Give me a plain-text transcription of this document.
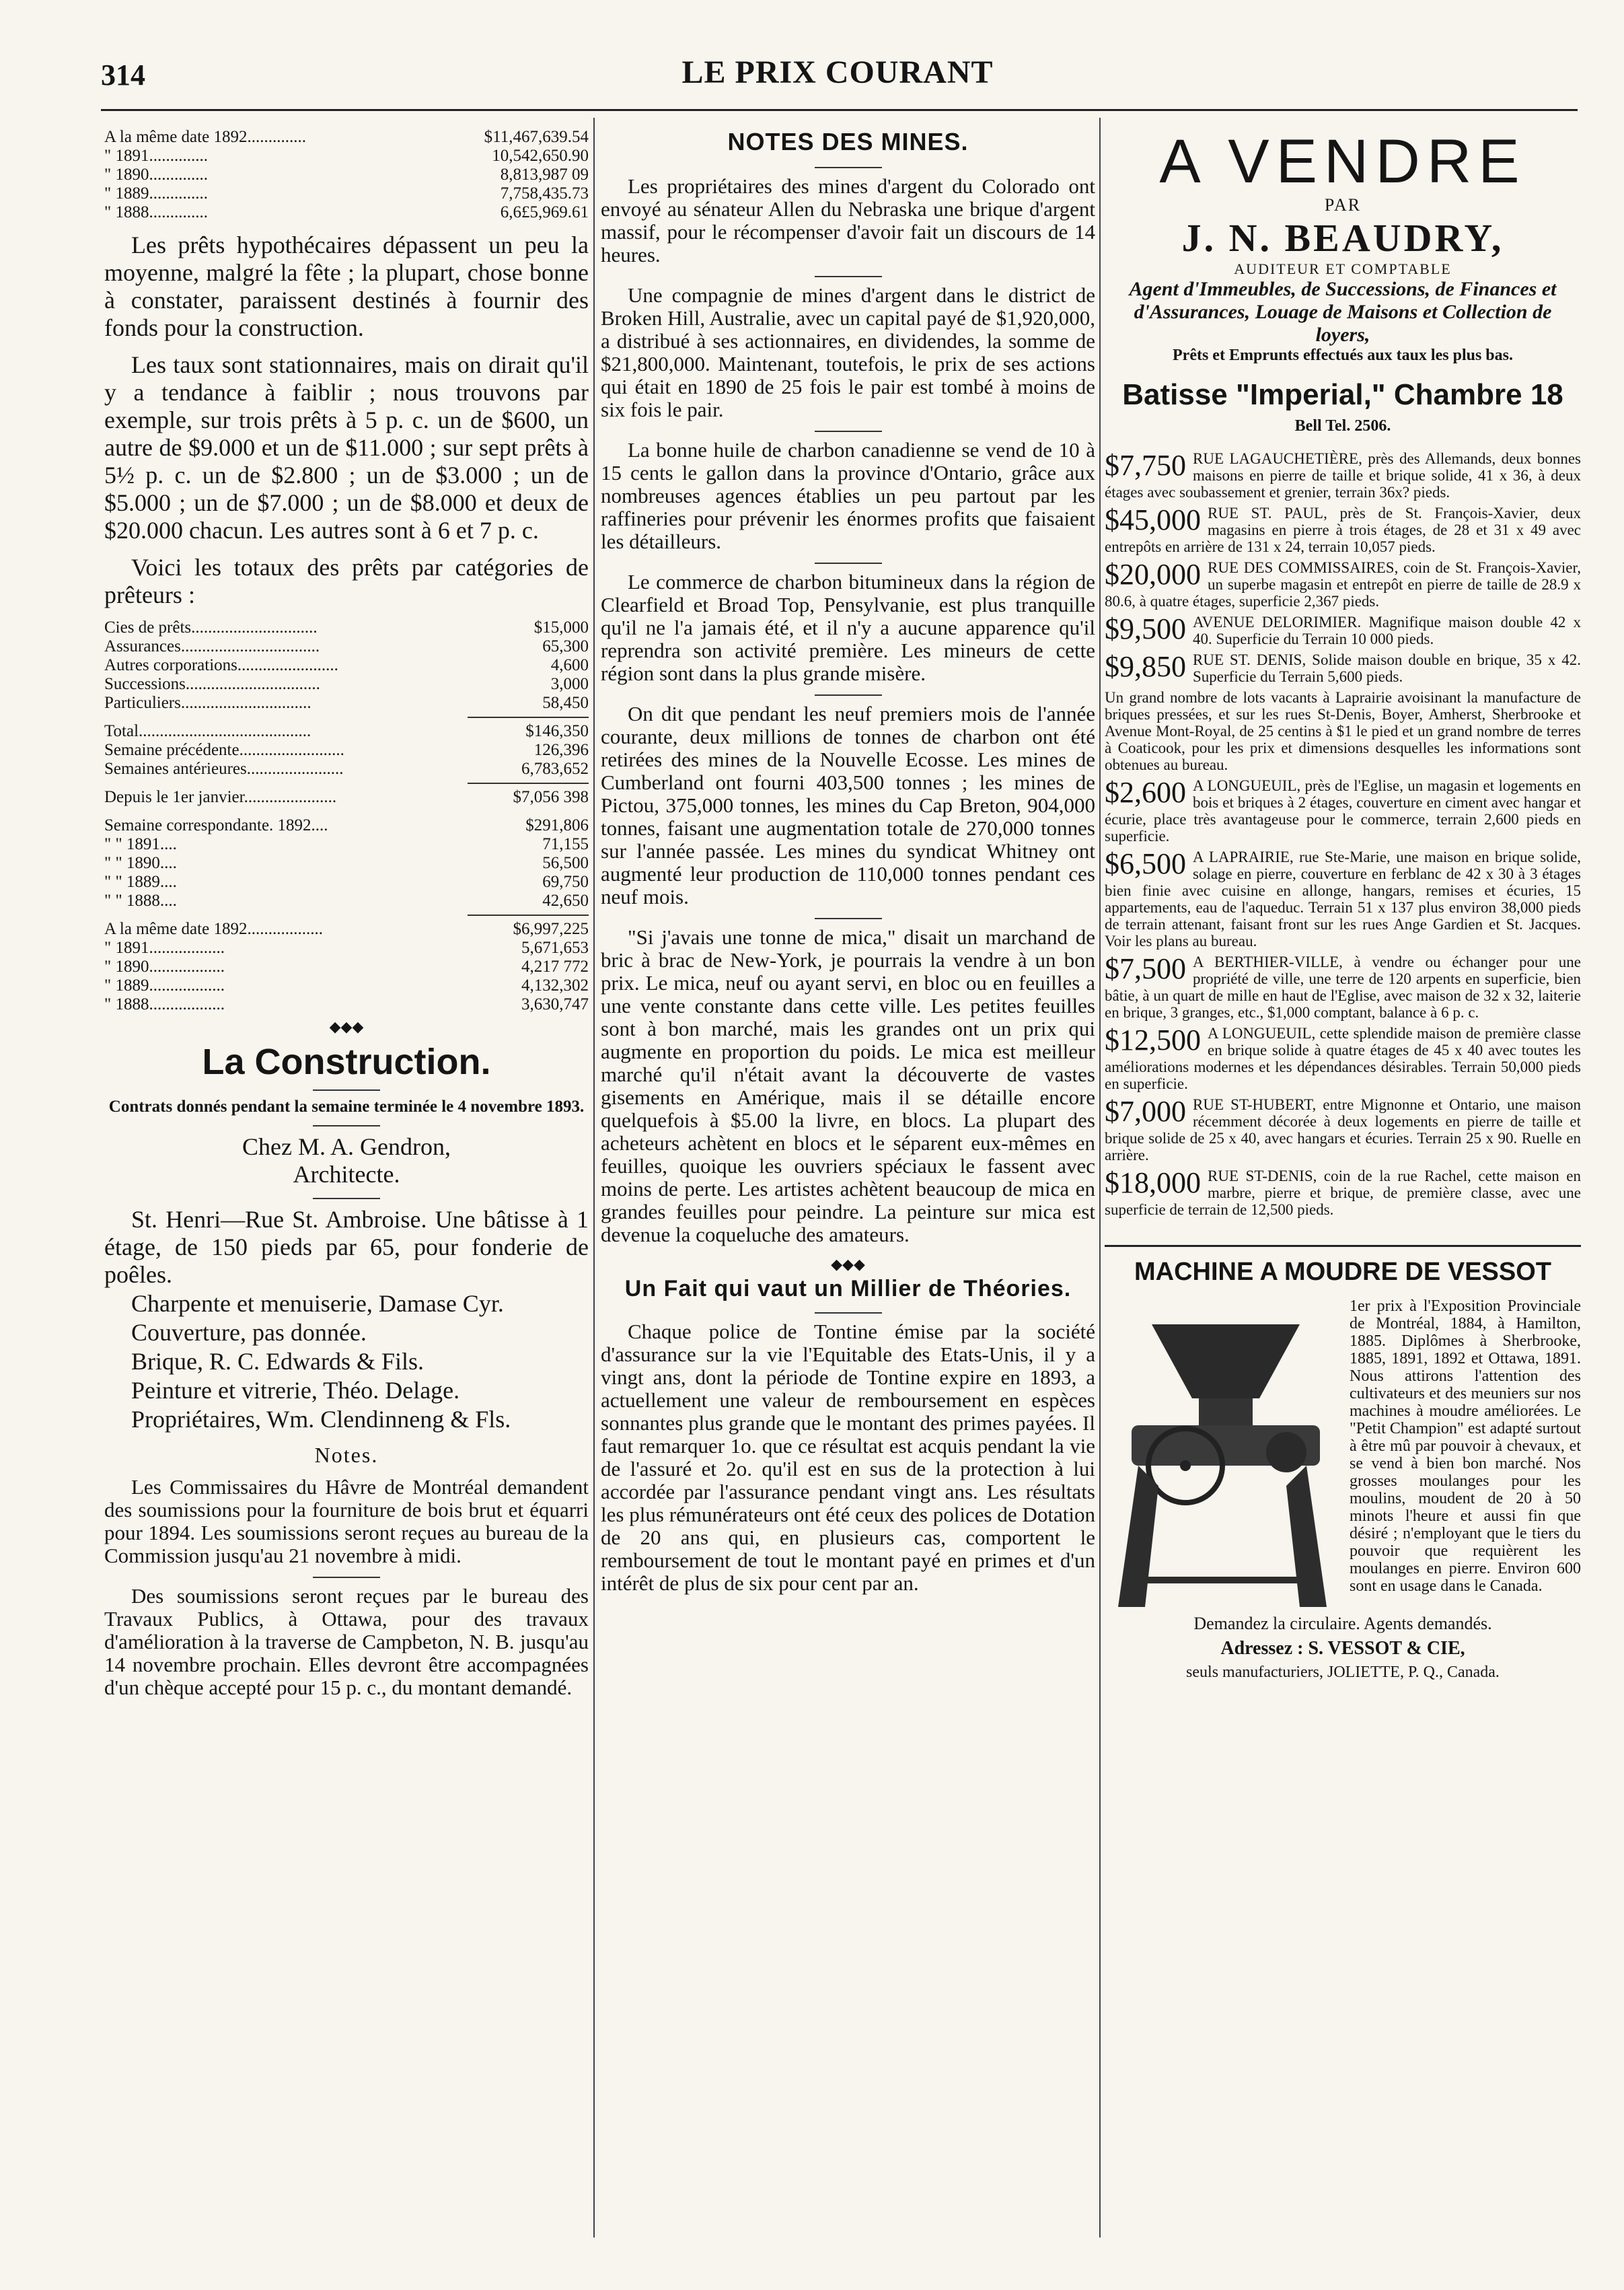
314	LE PRIX COURANT
A la même date 1892..............	$11,467,639.54
" 1891..............	10,542,650.90
" 1890..............	8,813,987 09
" 1889..............	7,758,435.73
" 1888..............	6,6£5,969.61

Les prêts hypothécaires dépassent un peu la moyenne, malgré la fête ; la plupart, chose bonne à constater, paraissent destinés à fournir des fonds pour la construction.

Les taux sont stationnaires, mais on dirait qu'il y a tendance à faiblir ; nous trouvons par exemple, sur trois prêts à 5 p. c. un de $600, un autre de $9.000 et un de $11.000 ; sur sept prêts à 5½ p. c. un de $2.800 ; un de $3.000 ; un de $5.000 ; un de $7.000 ; un de $8.000 et deux de $20.000 chacun. Les autres sont à 6 et 7 p. c.

Voici les totaux des prêts par catégories de prêteurs :

Cies de prêts..............................	$15,000
Assurances.................................	65,300
Autres corporations........................	4,600
Successions................................	3,000
Particuliers...............................	58,450
Total.........................................	$146,350
Semaine précédente.........................	126,396
Semaines antérieures.......................	6,783,652
Depuis le 1er janvier......................	$7,056 398
Semaine correspondante. 1892....	$291,806
" " 1891....	71,155
" " 1890....	56,500
" " 1889....	69,750
" " 1888....	42,650
A la même date 1892..................	$6,997,225
" 1891..................	5,671,653
" 1890..................	4,217 772
" 1889..................	4,132,302
" 1888..................	3,630,747
◆◆◆
La Construction.

Contrats donnés pendant la semaine terminée le 4 novembre 1893.

Chez M. A. Gendron,

Architecte.

St. Henri—Rue St. Ambroise. Une bâtisse à 1 étage, de 150 pieds par 65, pour fonderie de poêles.

Charpente et menuiserie, Damase Cyr.

Couverture, pas donnée.

Brique, R. C. Edwards & Fils.

Peinture et vitrerie, Théo. Delage.

Propriétaires, Wm. Clendinneng & Fls.

Notes.

Les Commissaires du Hâvre de Montréal demandent des soumissions pour la fourniture de bois brut et équarri pour 1894. Les soumissions seront reçues au bureau de la Commission jusqu'au 21 novembre à midi.

Des soumissions seront reçues par le bureau des Travaux Publics, à Ottawa, pour des travaux d'amélioration à la traverse de Campbeton, N. B. jusqu'au 14 novembre prochain. Elles devront être accompagnées d'un chèque accepté pour 15 p. c., du montant demandé.

NOTES DES MINES.

Les propriétaires des mines d'argent du Colorado ont envoyé au sénateur Allen du Nebraska une brique d'argent massif, pour le récompenser d'avoir fait un discours de 14 heures.

Une compagnie de mines d'argent dans le district de Broken Hill, Australie, avec un capital payé de $1,920,000, a distribué à ses actionnaires, en dividendes, la somme de $21,800,000. Maintenant, toutefois, le prix de ses actions qui était en 1890 de 25 fois le pair est tombé à moins de six fois le pair.

La bonne huile de charbon canadienne se vend de 10 à 15 cents le gallon dans la province d'Ontario, grâce aux nombreuses agences établies un peu partout par les raffineries pour prévenir les énormes profits que faisaient les détailleurs.

Le commerce de charbon bitumineux dans la région de Clearfield et Broad Top, Pensylvanie, est plus tranquille qu'il ne l'a jamais été, et il n'y a aucune apparence qu'il reprendra son activité première. Les mineurs de cette région sont dans la plus grande misère.

On dit que pendant les neuf premiers mois de l'année courante, deux millions de tonnes de charbon ont été retirées des mines de la Nouvelle Ecosse. Les mines de Cumberland ont fourni 403,500 tonnes ; les mines de Pictou, 375,000 tonnes, les mines du Cap Breton, 904,000 tonnes, faisant une augmentation totale de 270,000 tonnes sur l'année passée. Les mines du syndicat Whitney ont augmenté leur production de 110,000 tonnes pendant ces neuf mois.

"Si j'avais une tonne de mica," disait un marchand de bric à brac de New-York, je pourrais la vendre à un bon prix. Le mica, neuf ou ayant servi, en bloc ou en feuilles a une vente constante dans cette ville. Les petites feuilles sont à bon marché, mais les grandes ont un prix qui augmente en proportion du poids. Le mica est meilleur marché qu'il n'était avant la découverte de vastes gisements en Amérique, mais il se détaille encore quelquefois à $5.00 la livre, en blocs. La plupart des acheteurs achètent en blocs et le séparent eux-mêmes en feuilles, quoique les ouvriers spéciaux le fassent avec moins de perte. Les artistes achètent beaucoup de mica en grandes feuilles pour peindre. La peinture sur mica est devenue la coqueluche des amateurs.

◆◆◆
Un Fait qui vaut un Millier de Théories.

Chaque police de Tontine émise par la société d'assurance sur la vie l'Equitable des Etats-Unis, il y a vingt ans, dont la période de Tontine expire en 1893, a actuellement une valeur de remboursement en espèces sonnantes plus grande que le montant des primes payées. Il faut remarquer 1o. que ce résultat est acquis pendant la vie de l'assuré et 2o. qu'il est en sus de la protection à lui accordée par l'assurance pendant vingt ans. Les résultats les plus rémunérateurs ont été ceux des polices de Dotation de 20 ans qui, en plusieurs cas, comportent le remboursement de tout le montant payé en primes et d'un intérêt de plus de six pour cent par an.

A VENDRE
PAR
J. N. BEAUDRY,
AUDITEUR ET COMPTABLE
Agent d'Immeubles, de Successions, de Finances et d'Assurances, Louage de Maisons et Collection de loyers,
Prêts et Emprunts effectués aux taux les plus bas.
Batisse "Imperial," Chambre 18
Bell Tel. 2506.
$7,750 RUE LAGAUCHETIÈRE, près des Allemands, deux bonnes maisons en pierre de taille et brique solide, 41 x 36, à deux étages avec soubassement et grenier, terrain 36x? pieds.
$45,000 RUE ST. PAUL, près de St. François-Xavier, deux magasins en pierre à trois étages, de 28 et 31 x 49 avec entrepôts en arrière de 131 x 24, terrain 10,057 pieds.
$20,000 RUE DES COMMISSAIRES, coin de St. François-Xavier, un superbe magasin et entrepôt en pierre de taille de 28.9 x 80.6, à quatre étages, superficie 2,367 pieds.
$9,500 AVENUE DELORIMIER. Magnifique maison double 42 x 40. Superficie du Terrain 10 000 pieds.
$9,850 RUE ST. DENIS, Solide maison double en brique, 35 x 42. Superficie du Terrain 5,600 pieds.
Un grand nombre de lots vacants à Laprairie avoisinant la manufacture de briques pressées, et sur les rues St-Denis, Boyer, Amherst, Sherbrooke et Avenue Mont-Royal, de 25 centins à $1 le pied et un grand nombre de terres à Coaticook, pour les prix et dimensions desquelles les informations sont obtenues au bureau.
$2,600 A LONGUEUIL, près de l'Eglise, un magasin et logements en bois et briques à 2 étages, couverture en ciment avec hangar et écurie, place très avantageuse pour le commerce, terrain 2,600 pieds en superficie.
$6,500 A LAPRAIRIE, rue Ste-Marie, une maison en brique solide, solage en pierre, couverture en ferblanc de 42 x 30 à 3 étages bien finie avec cuisine en allonge, hangars, remises et écuries, 15 appartements, eau de l'aqueduc. Terrain 51 x 137 plus environ 38,000 pieds de terrain attenant, faisant front sur les rues Ange Gardien et St. Jacques. Voir les plans au bureau.
$7,500 A BERTHIER-VILLE, à vendre ou échanger pour une propriété de ville, une terre de 120 arpents en superficie, bien bâtie, à un quart de mille en haut de l'Eglise, avec maison de 32 x 32, laiterie en brique, 3 granges, etc., $1,000 comptant, balance à 6 p. c.
$12,500 A LONGUEUIL, cette splendide maison de première classe en brique solide à quatre étages de 45 x 40 avec toutes les améliorations modernes et les dépendances désirables. Terrain 50,000 pieds en superficie.
$7,000 RUE ST-HUBERT, entre Mignonne et Ontario, une maison récemment décorée à deux logements en pierre de taille et brique solide de 25 x 40, avec hangars et écuries. Terrain 25 x 90. Ruelle en arrière.
$18,000 RUE ST-DENIS, coin de la rue Rachel, cette maison en marbre, pierre et brique, de première classe, avec une superficie de terrain de 12,500 pieds.
MACHINE A MOUDRE DE VESSOT

1er prix à l'Exposition Provinciale de Montréal, 1884, à Hamilton, 1885. Diplômes à Sherbrooke, 1885, 1891, 1892 et Ottawa, 1891. Nous attirons l'attention des cultivateurs et des meuniers sur nos machines à moudre améliorées. Le "Petit Champion" est adapté surtout à être mû par pouvoir à chevaux, et se vend à bien bon marché. Nos grosses moulanges pour les moulins, moudent de 20 à 50 minots l'heure et aussi fin que désiré ; n'employant que le tiers du pouvoir que requièrent les moulanges en pierre. Environ 600 sont en usage dans le Canada.

Demandez la circulaire. Agents demandés.

Adressez : S. VESSOT & CIE,

seuls manufacturiers, JOLIETTE, P. Q., Canada.
